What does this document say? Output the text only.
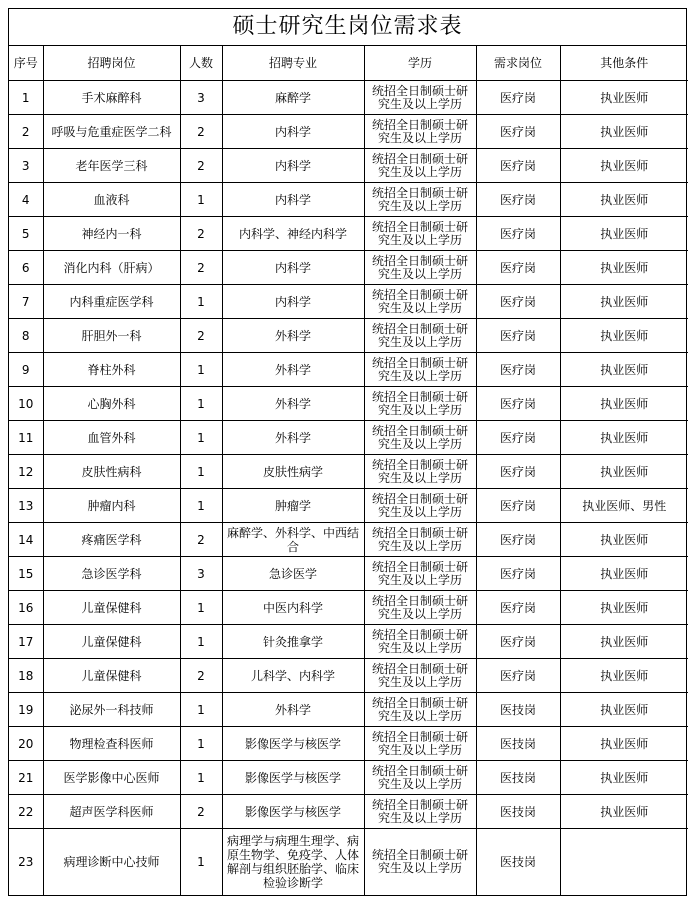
硕士研究生岗位需求表
序号	招聘岗位	人数	招聘专业	学历	需求岗位	其他条件
1	手术麻醉科	3	麻醉学	统招全日制硕士研究生及以上学历	医疗岗	执业医师
2	呼吸与危重症医学二科	2	内科学	统招全日制硕士研究生及以上学历	医疗岗	执业医师
3	老年医学三科	2	内科学	统招全日制硕士研究生及以上学历	医疗岗	执业医师
4	血液科	1	内科学	统招全日制硕士研究生及以上学历	医疗岗	执业医师
5	神经内一科	2	内科学、神经内科学	统招全日制硕士研究生及以上学历	医疗岗	执业医师
6	消化内科（肝病）	2	内科学	统招全日制硕士研究生及以上学历	医疗岗	执业医师
7	内科重症医学科	1	内科学	统招全日制硕士研究生及以上学历	医疗岗	执业医师
8	肝胆外一科	2	外科学	统招全日制硕士研究生及以上学历	医疗岗	执业医师
9	脊柱外科	1	外科学	统招全日制硕士研究生及以上学历	医疗岗	执业医师
10	心胸外科	1	外科学	统招全日制硕士研究生及以上学历	医疗岗	执业医师
11	血管外科	1	外科学	统招全日制硕士研究生及以上学历	医疗岗	执业医师
12	皮肤性病科	1	皮肤性病学	统招全日制硕士研究生及以上学历	医疗岗	执业医师
13	肿瘤内科	1	肿瘤学	统招全日制硕士研究生及以上学历	医疗岗	执业医师、男性
14	疼痛医学科	2	麻醉学、外科学、中西结合	统招全日制硕士研究生及以上学历	医疗岗	执业医师
15	急诊医学科	3	急诊医学	统招全日制硕士研究生及以上学历	医疗岗	执业医师
16	儿童保健科	1	中医内科学	统招全日制硕士研究生及以上学历	医疗岗	执业医师
17	儿童保健科	1	针灸推拿学	统招全日制硕士研究生及以上学历	医疗岗	执业医师
18	儿童保健科	2	儿科学、内科学	统招全日制硕士研究生及以上学历	医疗岗	执业医师
19	泌尿外一科技师	1	外科学	统招全日制硕士研究生及以上学历	医技岗	执业医师
20	物理检查科医师	1	影像医学与核医学	统招全日制硕士研究生及以上学历	医技岗	执业医师
21	医学影像中心医师	1	影像医学与核医学	统招全日制硕士研究生及以上学历	医技岗	执业医师
22	超声医学科医师	2	影像医学与核医学	统招全日制硕士研究生及以上学历	医技岗	执业医师
23	病理诊断中心技师	1	病理学与病理生理学、病原生物学、免疫学、人体解剖与组织胚胎学、临床检验诊断学	统招全日制硕士研究生及以上学历	医技岗	
